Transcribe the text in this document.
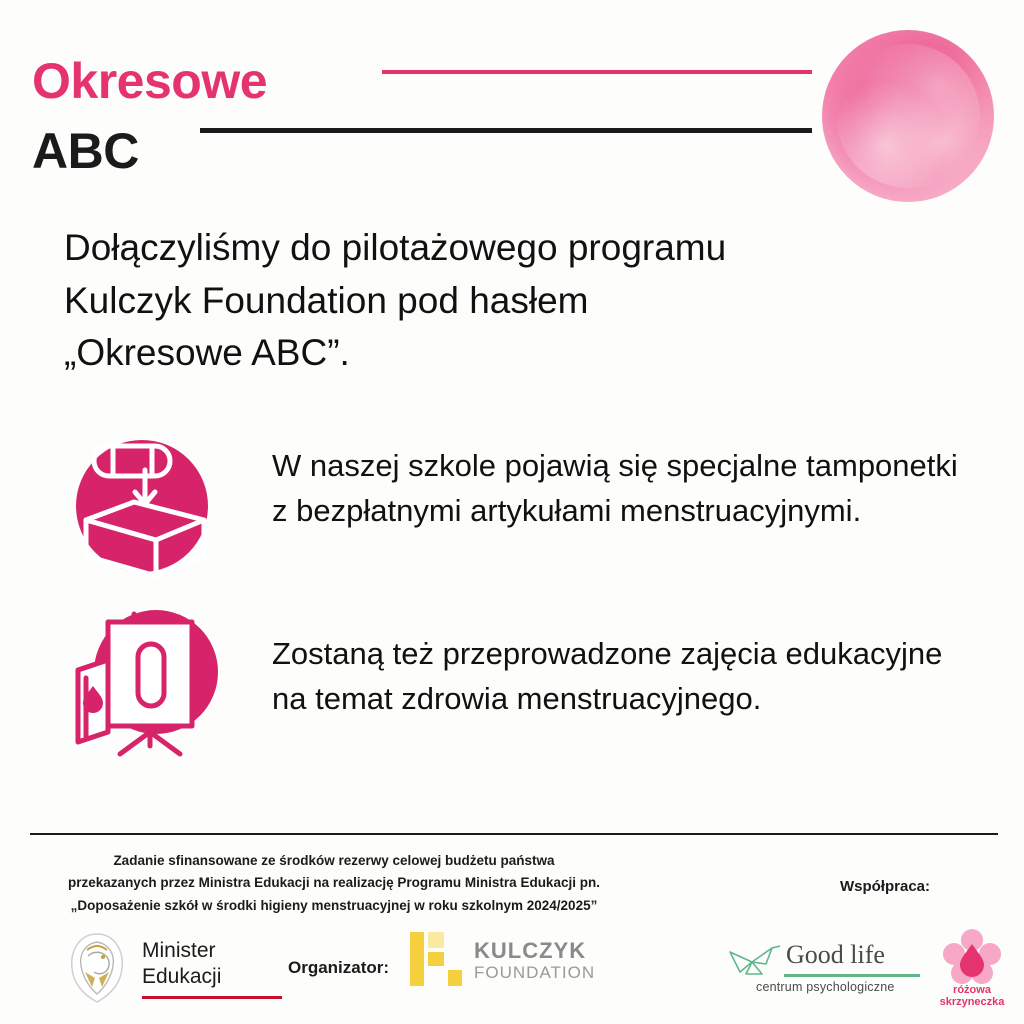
Okresowe
ABC
Dołączyliśmy do pilotażowego programu Kulczyk Foundation pod hasłem „Okresowe ABC”.
W naszej szkole pojawią się specjalne tamponetki z bezpłatnymi artykułami menstruacyjnymi.
Zostaną też przeprowadzone zajęcia edukacyjne na temat zdrowia menstruacyjnego.
Zadanie sfinansowane ze środków rezerwy celowej budżetu państwa
przekazanych przez Ministra Edukacji na realizację Programu Ministra Edukacji pn.
„Doposażenie szkół w środki higieny menstruacyjnej w roku szkolnym 2024/2025”
Współpraca:
Minister
Edukacji	Organizator:
KULCZYK
FOUNDATION
Good life
centrum psychologiczne	różowa
skrzyneczka
